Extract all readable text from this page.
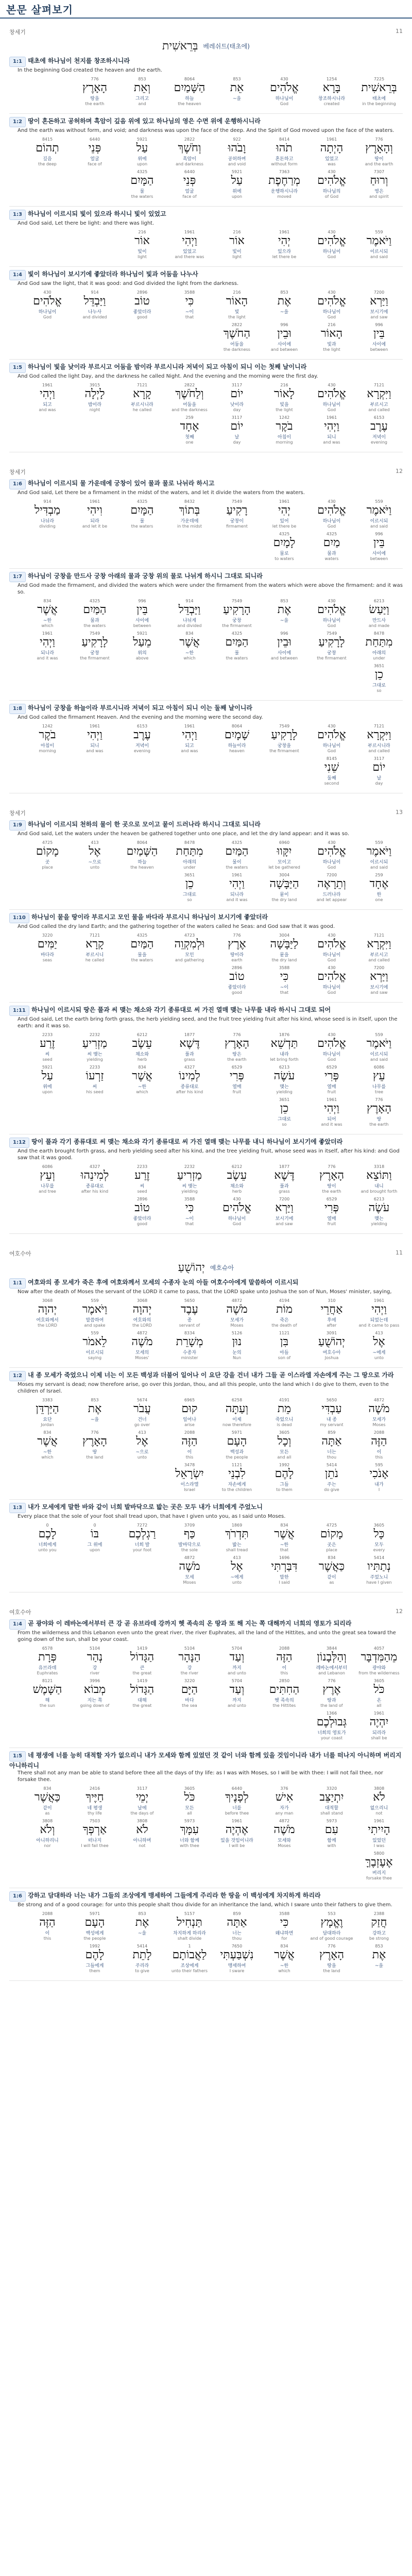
본문 살펴보기
창세기	11
בְּרֵאשִׁית 베레쉬트(태초에)
1:1 태초에 하나님이 천지를 창조하시니라
In the beginning God created the heaven and the earth.
7225
בְּרֵאשִׁית
태초에
in the beginning
1254
בָּרָא
창조하시니라
created
430
אֱלֹהִים
하나님이
God
853
אֵת
~을
8064
הַשָּׁמַיִם
하늘
the heaven
853
וְאֵת
그리고
and
776
הָאָרֶץ
땅을
the earth
1:2 땅이 혼돈하고 공허하며 흑암이 깊음 위에 있고 하나님의 영은 수면 위에 운행하시니라
And the earth was without form, and void; and darkness was upon the face of the deep. And the Spirit of God moved upon the face of the waters.
776
וְהָאָרֶץ
땅이
and the earth
1961
הָיְתָה
있었고
was
8414
תֹהוּ
혼돈하고
without form
922
וָבֹהוּ
공허하며
and void
2822
וְחֹשֶׁךְ
흑암이
and darkness
5921
עַל
위에
upon
6440
פְּנֵי
얼굴
face of
8415
תְהוֹם
깊음
the deep
7307
וְרוּחַ
영은
and spirit
430
אֱלֹהִים
하나님의
of God
7363
מְרַחֶפֶת
운행하시니라
moved
5921
עַל
위에
upon
6440
פְּנֵי
얼굴
face of
4325
הַמָּיִם
물
the waters
1:3 하나님이 이르시되 빛이 있으라 하시니 빛이 있었고
And God said, Let there be light: and there was light.
559
וַיֹּאמֶר
이르시되
and said
430
אֱלֹהִים
하나님이
God
1961
יְהִי
있으라
let there be
216
אוֹר
빛이
light
1961
וַיְהִי
있었고
and there was
216
אוֹר
빛이
light
1:4 빛이 하나님이 보시기에 좋았더라 하나님이 빛과 어둠을 나누사
And God saw the light, that it was good: and God divided the light from the darkness.
7200
וַיַּרְא
보시기에
and saw
430
אֱלֹהִים
하나님이
God
853
אֶת
~을
216
הָאוֹר
빛
the light
3588
כִּי
~이
that
2896
טוֹב
좋았더라
good
914
וַיַּבְדֵּל
나누사
and divided
430
אֱלֹהִים
하나님이
God
996
בֵּין
사이에
between
216
הָאוֹר
빛과
the light
996
וּבֵין
사이에
and between
2822
הַחֹשֶׁךְ
어둠을
the darkness
1:5 하나님이 빛을 낮이라 부르시고 어둠을 밤이라 부르시니라 저녁이 되고 아침이 되니 이는 첫째 날이니라
And God called the light Day, and the darkness he called Night. And the evening and the morning were the first day.
7121
וַיִּקְרָא
부르시고
and called
430
אֱלֹהִים
하나님이
God
216
לָאוֹר
빛을
the light
3117
יוֹם
낮이라
day
2822
וְלַחֹשֶׁךְ
어둠을
and the darkness
7121
קָרָא
부르시니라
he called
3915
לָיְלָה
밤이라
night
1961
וַיְהִי
되고
and was
6153
עֶרֶב
저녁이
evening
1961
וַיְהִי
되니
and was
1242
בֹקֶר
아침이
morning
3117
יוֹם
날
day
259
אֶחָד
첫째
one
창세기	12
1:6 하나님이 이르시되 물 가운데에 궁창이 있어 물과 물로 나뉘라 하시고
And God said, Let there be a firmament in the midst of the waters, and let it divide the waters from the waters.
559
וַיֹּאמֶר
이르시되
and said
430
אֱלֹהִים
하나님이
God
1961
יְהִי
있어
let there be
7549
רָקִיעַ
궁창이
firmament
8432
בְּתוֹךְ
가운데에
in the midst
4325
הַמָּיִם
물
the waters
1961
וִיהִי
되라
and let it be
914
מַבְדִּיל
나뉘라
dividing
996
בֵּין
사이에
between
4325
מַיִם
물과
waters
4325
לָמָיִם
물로
to waters
1:7 하나님이 궁창을 만드사 궁창 아래의 물과 궁창 위의 물로 나뉘게 하시니 그대로 되니라
And God made the firmament, and divided the waters which were under the firmament from the waters which were above the firmament: and it was so.
6213
וַיַּעַשׂ
만드사
and made
430
אֱלֹהִים
하나님이
God
853
אֶת
~을
7549
הָרָקִיעַ
궁창
the firmament
914
וַיַּבְדֵּל
나뉘게
and divided
996
בֵּין
사이에
between
4325
הַמַּיִם
물과
the waters
834
אֲשֶׁר
~한
which
8478
מִתַּחַת
아래의
under
7549
לָרָקִיעַ
궁창
the firmament
996
וּבֵין
사이에
and between
4325
הַמַּיִם
물
the waters
834
אֲשֶׁר
~한
which
5921
מֵעַל
위의
above
7549
לָרָקִיעַ
궁창
the firmament
1961
וַיְהִי
되니라
and it was
3651
כֵן
그대로
so
1:8 하나님이 궁창을 하늘이라 부르시니라 저녁이 되고 아침이 되니 이는 둘째 날이니라
And God called the firmament Heaven. And the evening and the morning were the second day.
7121
וַיִּקְרָא
부르시니라
and called
430
אֱלֹהִים
하나님이
God
7549
לָרָקִיעַ
궁창을
the firmament
8064
שָׁמָיִם
하늘이라
heaven
1961
וַיְהִי
되고
and was
6153
עֶרֶב
저녁이
evening
1961
וַיְהִי
되니
and was
1242
בֹקֶר
아침이
morning
3117
יוֹם
날
day
8145
שֵׁנִי
둘째
second
창세기	13
1:9 하나님이 이르시되 천하의 물이 한 곳으로 모이고 뭍이 드러나라 하시니 그대로 되니라
And God said, Let the waters under the heaven be gathered together unto one place, and let the dry land appear: and it was so.
559
וַיֹּאמֶר
이르시되
and said
430
אֱלֹהִים
하나님이
God
6960
יִקָּווּ
모이고
let be gathered
4325
הַמַּיִם
물이
the waters
8478
מִתַּחַת
아래의
under
8064
הַשָּׁמַיִם
하늘
the heaven
413
אֶל
~으로
unto
4725
מָקוֹם
곳
place
259
אֶחָד
한
one
7200
וְתֵרָאֶה
드러나라
and let appear
3004
הַיַּבָּשָׁה
뭍이
the dry land
1961
וַיְהִי
되니라
and it was
3651
כֵן
그대로
so
1:10 하나님이 뭍을 땅이라 부르시고 모인 물을 바다라 부르시니 하나님이 보시기에 좋았더라
And God called the dry land Earth; and the gathering together of the waters called he Seas: and God saw that it was good.
7121
וַיִּקְרָא
부르시고
and called
430
אֱלֹהִים
하나님이
God
3004
לַיַּבָּשָׁה
뭍을
the dry land
776
אֶרֶץ
땅이라
earth
4723
וּלְמִקְוֵה
모인
and gathering
4325
הַמַּיִם
물을
the waters
7121
קָרָא
부르시니
he called
3220
יַמִּים
바다라
seas
7200
וַיַּרְא
보시기에
and saw
430
אֱלֹהִים
하나님이
God
3588
כִּי
~이
that
2896
טוֹב
좋았더라
good
1:11 하나님이 이르시되 땅은 풀과 씨 맺는 채소와 각기 종류대로 씨 가진 열매 맺는 나무를 내라 하시니 그대로 되어
And God said, Let the earth bring forth grass, the herb yielding seed, and the fruit tree yielding fruit after his kind, whose seed is in itself, upon the earth: and it was so.
559
וַיֹּאמֶר
이르시되
and said
430
אֱלֹהִים
하나님이
God
1876
תַּדְשֵׁא
내라
let bring forth
776
הָאָרֶץ
땅은
the earth
1877
דֶּשֶׁא
풀과
grass
6212
עֵשֶׂב
채소와
herb
2232
מַזְרִיעַ
씨 맺는
yielding
2233
זֶרַע
씨
seed
6086
עֵץ
나무를
tree
6529
פְּרִי
열매
fruit
6213
עֹשֶׂה
맺는
yielding
6529
פְּרִי
열매
fruit
4327
לְמִינוֹ
종류대로
after his kind
834
אֲשֶׁר
~한
which
2233
זַרְעוֹ
씨
his seed
5921
עַל
위에
upon
776
הָאָרֶץ
땅
the earth
1961
וַיְהִי
되어
and it was
3651
כֵן
그대로
so
1:12 땅이 풀과 각기 종류대로 씨 맺는 채소와 각기 종류대로 씨 가진 열매 맺는 나무를 내니 하나님이 보시기에 좋았더라
And the earth brought forth grass, and herb yielding seed after his kind, and the tree yielding fruit, whose seed was in itself, after his kind: and God saw that it was good.
3318
וַתּוֹצֵא
내니
and brought forth
776
הָאָרֶץ
땅이
the earth
1877
דֶּשֶׁא
풀과
grass
6212
עֵשֶׂב
채소와
herb
2232
מַזְרִיעַ
씨 맺는
yielding
2233
זֶרַע
씨
seed
4327
לְמִינֵהוּ
종류대로
after his kind
6086
וְעֵץ
나무를
and tree
6213
עֹשֶׂה
맺는
yielding
6529
פְּרִי
열매
fruit
7200
וַיַּרְא
보시기에
and saw
430
אֱלֹהִים
하나님이
God
3588
כִּי
~이
that
2896
טוֹב
좋았더라
good
여호수아	11
יְהוֹשֻׁעַ 예호슈아
1:1 여호와의 종 모세가 죽은 후에 여호와께서 모세의 수종자 눈의 아들 여호수아에게 말씀하여 이르시되
Now after the death of Moses the servant of the LORD it came to pass, that the LORD spake unto Joshua the son of Nun, Moses' minister, saying,
1961
וַיְהִי
되었는데
and it came to pass
310
אַחֲרֵי
후에
after
4194
מוֹת
죽은
the death of
4872
מֹשֶׁה
모세가
Moses
5650
עֶבֶד
종
servant of
3068
יְהוָה
여호와의
the LORD
559
וַיֹּאמֶר
말씀하여
and spake
3068
יְהוָה
여호와께서
the LORD
413
אֶל
~에게
unto
3091
יְהוֹשֻׁעַ
여호수아
Joshua
1121
בִּן
아들
son of
5126
נוּן
눈의
Nun
8334
מְשָׁרֵת
수종자
minister
4872
מֹשֶׁה
모세의
Moses'
559
לֵאמֹר
이르시되
saying
1:2 내 종 모세가 죽었으니 이제 너는 이 모든 백성과 더불어 일어나 이 요단 강을 건너 내가 그들 곧 이스라엘 자손에게 주는 그 땅으로 가라
Moses my servant is dead; now therefore arise, go over this Jordan, thou, and all this people, unto the land which I do give to them, even to the children of Israel.
4872
מֹשֶׁה
모세가
Moses
5650
עַבְדִּי
내 종
my servant
4191
מֵת
죽었으니
is dead
6258
וְעַתָּה
이제
now therefore
6965
קוּם
일어나
arise
5674
עֲבֹר
건너
go over
853
אֶת
~을
3383
הַיַּרְדֵּן
요단
Jordan
2088
הַזֶּה
이
this
859
אַתָּה
너는
thou
3605
וְכָל
모든
and all
5971
הָעָם
백성과
the people
2088
הַזֶּה
이
this
413
אֶל
~으로
unto
776
הָאָרֶץ
땅
the land
834
אֲשֶׁר
~한
which
595
אָנֹכִי
내가
I
5414
נֹתֵן
주는
do give
1992
לָהֶם
그들
to them
1121
לִבְנֵי
자손에게
to the children
3478
יִשְׂרָאֵל
이스라엘
Israel
1:3 내가 모세에게 말한 바와 같이 너희 발바닥으로 밟는 곳은 모두 내가 너희에게 주었노니
Every place that the sole of your foot shall tread upon, that have I given unto you, as I said unto Moses.
3605
כָּל
모두
every
4725
מָקוֹם
곳은
place
834
אֲשֶׁר
~한
that
1869
תִּדְרֹךְ
밟는
shall tread
3709
כַּף
발바닥으로
the sole
7272
רַגְלְכֶם
너희 발
your foot
0
בּוֹ
그 위에
upon
0
לָכֶם
너희에게
unto you
5414
נְתַתִּיו
주었노니
have I given
834
כַּאֲשֶׁר
같이
as
1696
דִּבַּרְתִּי
말한
I said
413
אֶל
~에게
unto
4872
מֹשֶׁה
모세
Moses
여호수아	12
1:4 곧 광야와 이 레바논에서부터 큰 강 곧 유브라데 강까지 헷 족속의 온 땅과 또 해 지는 쪽 대해까지 너희의 영토가 되리라
From the wilderness and this Lebanon even unto the great river, the river Euphrates, all the land of the Hittites, and unto the great sea toward the going down of the sun, shall be your coast.
4057
מֵהַמִּדְבָּר
광야와
from the wilderness
3844
וְהַלְּבָנוֹן
레바논에서부터
and Lebanon
2088
הַזֶּה
이
this
5704
וְעַד
까지
and unto
5104
הַנָּהָר
강
the river
1419
הַגָּדוֹל
큰
the great
5104
נְהַר
강
river
6578
פְּרָת
유브라데
Euphrates
3605
כֹּל
온
all
776
אֶרֶץ
땅과
the land of
2850
הַחִתִּים
헷 족속의
the Hittites
5704
וְעַד
까지
and unto
3220
הַיָּם
바다
the sea
1419
הַגָּדוֹל
대해
the great
3996
מְבוֹא
지는 쪽
going down of
8121
הַשָּׁמֶשׁ
해
the sun
1961
יִהְיֶה
되리라
shall be
1366
גְּבוּלְכֶם
너희의 영토가
your coast
1:5 네 평생에 너를 능히 대적할 자가 없으리니 내가 모세와 함께 있었던 것 같이 너와 함께 있을 것임이니라 내가 너를 떠나지 아니하며 버리지 아니하리니
There shall not any man be able to stand before thee all the days of thy life: as I was with Moses, so I will be with thee: I will not fail thee, nor forsake thee.
3808
לֹא
없으리니
not
3320
יִתְיַצֵּב
대적할
shall stand
376
אִישׁ
자가
any man
6440
לְפָנֶיךָ
너를
before thee
3605
כֹּל
모든
all
3117
יְמֵי
날에
the days of
2416
חַיֶּיךָ
네 평생
thy life
834
כַּאֲשֶׁר
같이
as
1961
הָיִיתִי
있었던
I was
5973
עִם
함께
with
4872
מֹשֶׁה
모세와
Moses
1961
אֶהְיֶה
있을 것임이니라
I will be
5973
עִמָּךְ
너와 함께
with thee
3808
לֹא
아니하며
not
7503
אַרְפְּךָ
떠나지
I will fail thee
3808
וְלֹא
아니하리니
nor
5800
אֶעֶזְבֶךָּ
버리지
forsake thee
1:6 강하고 담대하라 너는 내가 그들의 조상에게 맹세하여 그들에게 주리라 한 땅을 이 백성에게 차지하게 하리라
Be strong and of a good courage: for unto this people shalt thou divide for an inheritance the land, which I sware unto their fathers to give them.
2388
חֲזַק
강하고
be strong
553
וֶאֱמָץ
담대하라
and of good courage
3588
כִּי
왜냐하면
for
859
אַתָּה
너는
thou
5157
תַּנְחִיל
차지하게 하리라
shalt divide
853
אֶת
~을
5971
הָעָם
백성에게
the people
2088
הַזֶּה
이
this
853
אֶת
~을
776
הָאָרֶץ
땅을
the land
834
אֲשֶׁר
~한
which
7650
נִשְׁבַּעְתִּי
맹세하여
I sware
1
לַאֲבוֹתָם
조상에게
unto their fathers
5414
לָתֵת
주리라
to give
1992
לָהֶם
그들에게
them
